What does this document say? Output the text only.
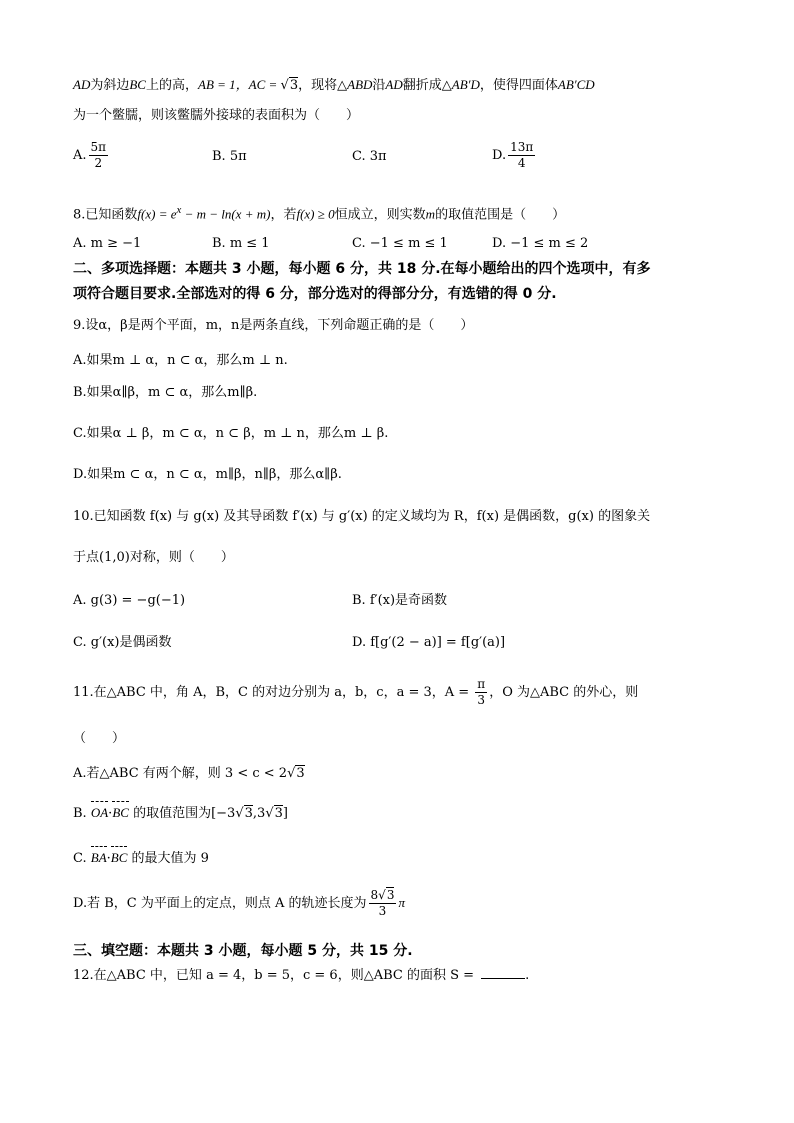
AD为斜边BC上的高，AB = 1，AC = √3，现将△ABD沿AD翻折成△AB′D，使得四面体AB′CD
为一个鳖臑，则该鳖臑外接球的表面积为（　　）
A. $\frac{5\pi}{2}$	B. 5π	C. 3π	D. $\frac{13\pi}{4}$
8.已知函数$f(x) = e^x - m - \ln(x + m)$，若f(x) ≥ 0恒成立，则实数m的取值范围是（　　）
A. m ≥ −1	B. m ≤ 1	C. −1 ≤ m ≤ 1	D. −1 ≤ m ≤ 2
二、多项选择题：本题共 3 小题，每小题 6 分，共 18 分.在每小题给出的四个选项中，有多
项符合题目要求.全部选对的得 6 分，部分选对的得部分分，有选错的得 0 分.
9.设α，β是两个平面，m，n是两条直线，下列命题正确的是（　　）
A.如果m ⊥ α，n ⊂ α，那么m ⊥ n.
B.如果α∥β，m ⊂ α，那么m∥β.
C.如果α ⊥ β，m ⊂ α，n ⊂ β，m ⊥ n，那么m ⊥ β.
D.如果m ⊂ α，n ⊂ α，m∥β，n∥β，那么α∥β.
10.已知函数 f(x) 与 g(x) 及其导函数 f′(x) 与 g′(x) 的定义域均为 R，f(x) 是偶函数，g(x) 的图象关
于点(1,0)对称，则（　　）
A. g(3) = −g(−1)	B. f′(x)是奇函数
C. g′(x)是偶函数	D. f[g′(2 − a)] = f[g′(a)]
11.在△ABC 中，角 A，B，C 的对边分别为 a，b，c，a = 3，$A = \frac{\pi}{3}$ ，O 为△ABC 的外心，则
（　　）
A.若△ABC 有两个解，则 3 < c < 2√3
B. OA·BC 的取值范围为[−3√3,3√3]
C. BA·BC 的最大值为 9
D.若 B，C 为平面上的定点，则点 A 的轨迹长度为 $\frac{8√3}{3}$ π
三、填空题：本题共 3 小题，每小题 5 分，共 15 分.
12.在△ABC 中，已知 a = 4，b = 5，c = 6，则△ABC 的面积 S =	.
